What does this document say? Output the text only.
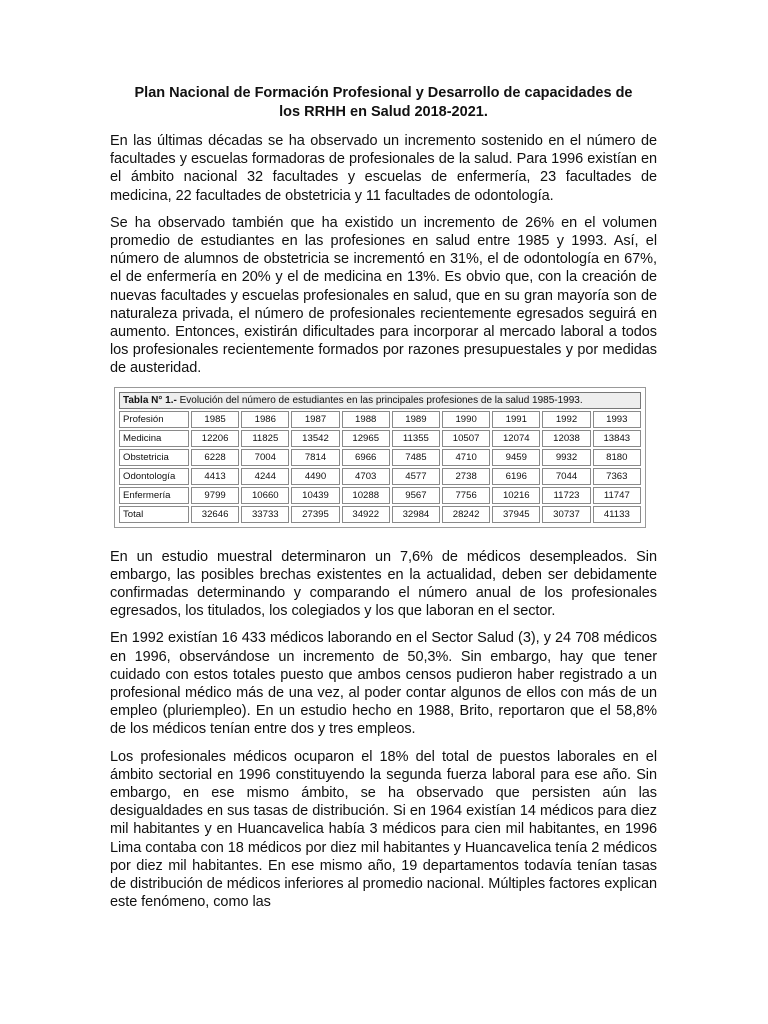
Plan Nacional de Formación Profesional y Desarrollo de capacidades de
los RRHH en Salud 2018-2021.

En las últimas décadas se ha observado un incremento sostenido en el número de facultades y escuelas formadoras de profesionales de la salud. Para 1996 existían en el ámbito nacional 32 facultades y escuelas de enfermería, 23 facultades de medicina, 22 facultades de obstetricia y 11 facultades de odontología.

Se ha observado también que ha existido un incremento de 26% en el volumen promedio de estudiantes en las profesiones en salud entre 1985 y 1993. Así, el número de alumnos de obstetricia se incrementó en 31%, el de odontología en 67%, el de enfermería en 20% y el de medicina en 13%. Es obvio que, con la creación de nuevas facultades y escuelas profesionales en salud, que en su gran mayoría son de naturaleza privada, el número de profesionales recientemente egresados seguirá en aumento. Entonces, existirán dificultades para incorporar al mercado laboral a todos los profesionales recientemente formados por razones presupuestales y por medidas de austeridad.

Tabla N° 1.- Evolución del número de estudiantes en las principales profesiones de la salud 1985-1993.									
Profesión	1985	1986	1987	1988	1989	1990	1991	1992	1993
Medicina	12206	11825	13542	12965	11355	10507	12074	12038	13843
Obstetricia	6228	7004	7814	6966	7485	4710	9459	9932	8180
Odontología	4413	4244	4490	4703	4577	2738	6196	7044	7363
Enfermería	9799	10660	10439	10288	9567	7756	10216	11723	11747
Total	32646	33733	27395	34922	32984	28242	37945	30737	41133

En un estudio muestral determinaron un 7,6% de médicos desempleados. Sin embargo, las posibles brechas existentes en la actualidad, deben ser debidamente confirmadas determinando y comparando el número anual de los profesionales egresados, los titulados, los colegiados y los que laboran en el sector.

En 1992 existían 16 433 médicos laborando en el Sector Salud (3), y 24 708 médicos en 1996, observándose un incremento de 50,3%. Sin embargo, hay que tener cuidado con estos totales puesto que ambos censos pudieron haber registrado a un profesional médico más de una vez, al poder contar algunos de ellos con más de un empleo (pluriempleo). En un estudio hecho en 1988, Brito, reportaron que el 58,8% de los médicos tenían entre dos y tres empleos.

Los profesionales médicos ocuparon el 18% del total de puestos laborales en el ámbito sectorial en 1996 constituyendo la segunda fuerza laboral para ese año. Sin embargo, en ese mismo ámbito, se ha observado que persisten aún las desigualdades en sus tasas de distribución. Si en 1964 existían 14 médicos para diez mil habitantes y en Huancavelica había 3 médicos para cien mil habitantes, en 1996 Lima contaba con 18 médicos por diez mil habitantes y Huancavelica tenía 2 médicos por diez mil habitantes. En ese mismo año, 19 departamentos todavía tenían tasas de distribución de médicos inferiores al promedio nacional. Múltiples factores explican este fenómeno, como las
